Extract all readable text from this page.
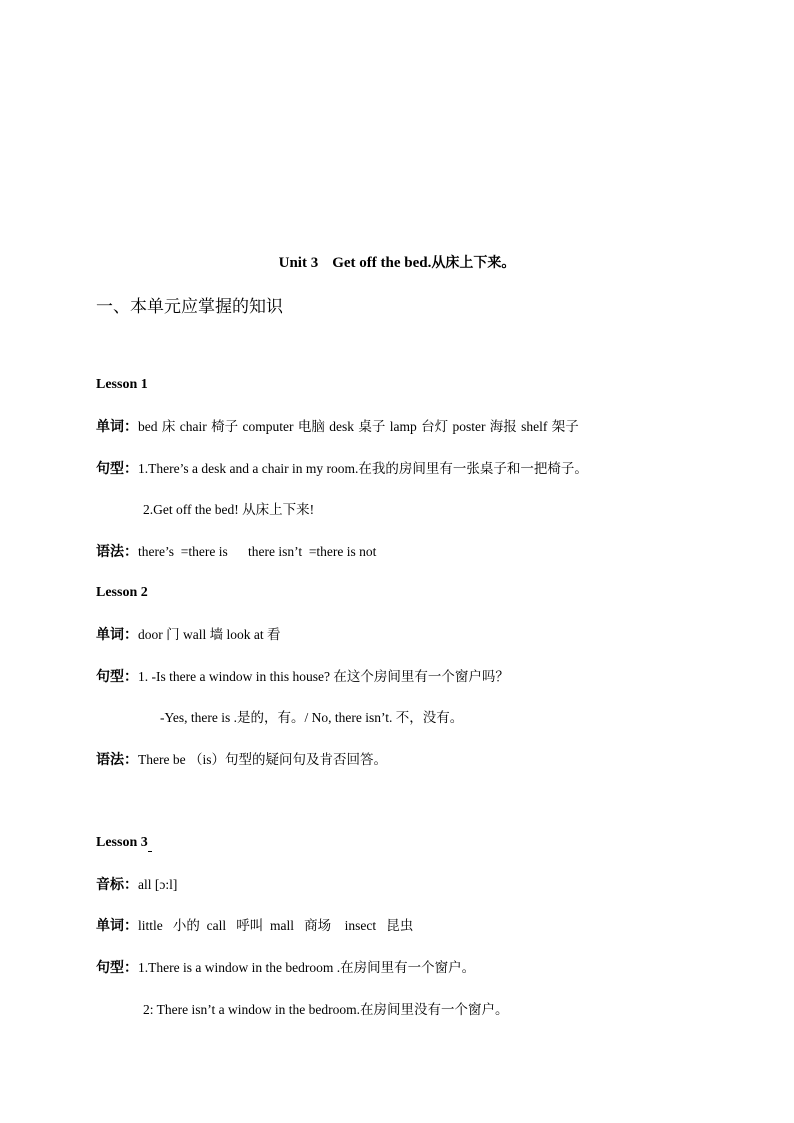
Unit 3 Get off the bed.从床上下来。
一、本单元应掌握的知识
Lesson 1
单词：bed 床 chair 椅子 computer 电脑 desk 桌子 lamp 台灯 poster 海报 shelf 架子
句型：1.There’s a desk and a chair in my room.在我的房间里有一张桌子和一把椅子。
2.Get off the bed! 从床上下来!
语法：there’s  =there is      there isn’t  =there is not
Lesson 2
单词：door 门 wall 墙 look at 看
句型：1. -Is there a window in this house? 在这个房间里有一个窗户吗？
-Yes, there is .是的，有。/ No, there isn’t. 不，没有。
语法：There be （is）句型的疑问句及肯否回答。
Lesson 3
音标：all [ɔ:l]
单词：little   小的  call   呼叫  mall   商场    insect   昆虫
句型：1.There is a window in the bedroom .在房间里有一个窗户。
2: There isn’t a window in the bedroom.在房间里没有一个窗户。
